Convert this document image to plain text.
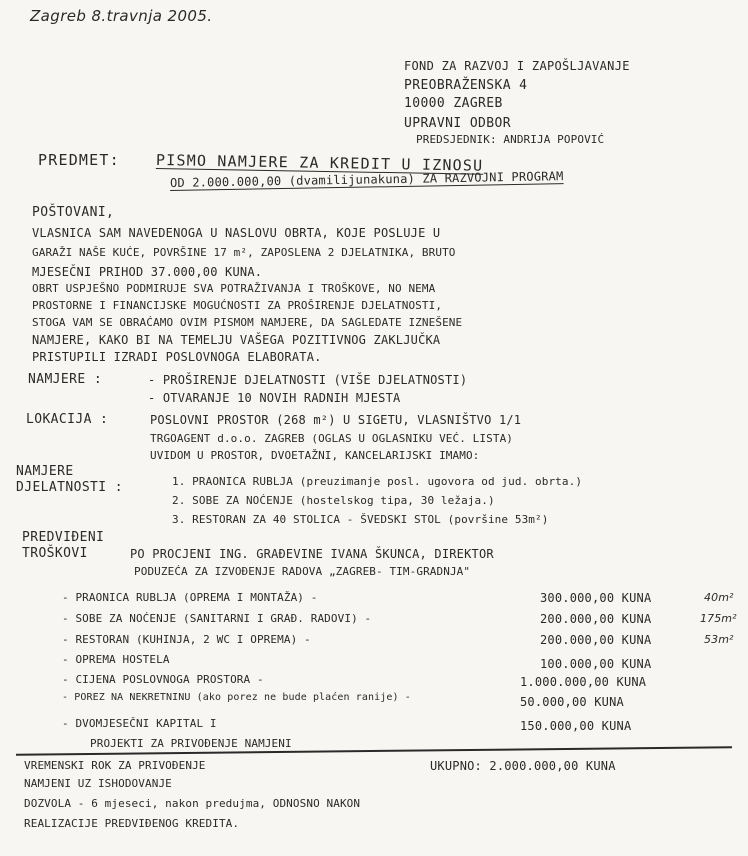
Zagreb 8.travnja 2005.
FOND ZA RAZVOJ I ZAPOŠLJAVANJE
PREOBRAŽENSKA 4
10000 ZAGREB
UPRAVNI ODBOR
PREDSJEDNIK: ANDRIJA POPOVIĆ
PREDMET: PISMO NAMJERE ZA KREDIT U IZNOSU
OD 2.000.000,00 (dvamilijunakuna) ZA RAZVOJNI PROGRAM
POŠTOVANI,
VLASNICA SAM NAVEDENOGA U NASLOVU OBRTA, KOJE POSLUJE U
GARAŽI NAŠE KUĆE, POVRŠINE 17 m², ZAPOSLENA 2 DJELATNIKA, BRUTO
MJESEČNI PRIHOD 37.000,00 KUNA.
OBRT USPJEŠNO PODMIRUJE SVA POTRAŽIVANJA I TROŠKOVE, NO NEMA
PROSTORNE I FINANCIJSKE MOGUĆNOSTI ZA PROŠIRENJE DJELATNOSTI,
STOGA VAM SE OBRAĆAMO OVIM PISMOM NAMJERE, DA SAGLEDATE IZNEŠENE
NAMJERE, KAKO BI NA TEMELJU VAŠEGA POZITIVNOG ZAKLJUČKA
PRISTUPILI IZRADI POSLOVNOGA ELABORATA.
NAMJERE :	- PROŠIRENJE DJELATNOSTI (VIŠE DJELATNOSTI)
- OTVARANJE 10 NOVIH RADNIH MJESTA
LOKACIJA :	POSLOVNI PROSTOR (268 m²) U SIGETU, VLASNIŠTVO 1/1
TRGOAGENT d.o.o. ZAGREB (OGLAS U OGLASNIKU VEĆ. LISTA)
UVIDOM U PROSTOR, DVOETAŽNI, KANCELARIJSKI IMAMO:
NAMJERE
DJELATNOSTI :	1. PRAONICA RUBLJA (preuzimanje posl. ugovora od jud. obrta.)
2. SOBE ZA NOĆENJE (hostelskog tipa, 30 ležaja.)
3. RESTORAN ZA 40 STOLICA - ŠVEDSKI STOL (površine 53m²)
PREDVIĐENI
TROŠKOVI	PO PROCJENI ING. GRAĐEVINE IVANA ŠKUNCA, DIREKTOR
PODUZEĆA ZA IZVOĐENJE RADOVA „ZAGREB- TIM-GRADNJA"
- PRAONICA RUBLJA (OPREMA I MONTAŽA) -	300.000,00 KUNA	40m²
- SOBE ZA NOĆENJE (SANITARNI I GRAĐ. RADOVI) -	200.000,00 KUNA	175m²
- RESTORAN (KUHINJA, 2 WC I OPREMA) -	200.000,00 KUNA	53m²
- OPREMA HOSTELA	100.000,00 KUNA
- CIJENA POSLOVNOGA PROSTORA -	1.000.000,00 KUNA
- POREZ NA NEKRETNINU (ako porez ne bude plaćen ranije) -	50.000,00 KUNA
- DVOMJESEČNI KAPITAL I	150.000,00 KUNA
PROJEKTI ZA PRIVOĐENJE NAMJENI
UKUPNO: 2.000.000,00 KUNA
VREMENSKI ROK ZA PRIVOĐENJE
NAMJENI UZ ISHODOVANJE
DOZVOLA - 6 mjeseci, nakon predujma, ODNOSNO NAKON
REALIZACIJE PREDVIĐENOG KREDITA.
